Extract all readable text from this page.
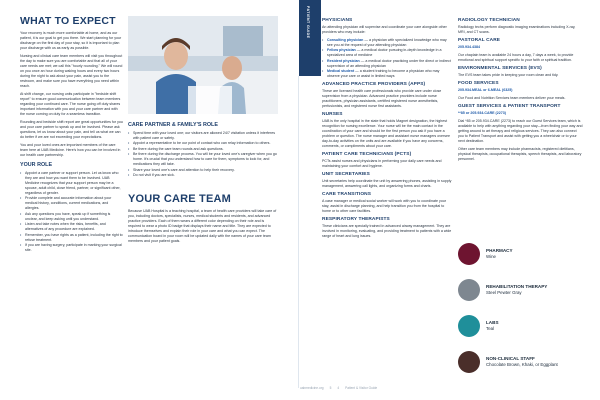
WHAT TO EXPECT

Your recovery is much more comfortable at home, and as our patient, it is our goal to get you there. We start planning for your discharge on the first day of your stay, so it is important to plan your discharge with us as early as possible.

Nursing and clinical care team members will visit you throughout the day to make sure you are comfortable and that all of your care needs are met; we call this "hourly rounding." We will round on you once an hour during waking hours and every two hours during the night to ask about your pain, assist you to the restroom, and make sure you have everything you need within reach.

At shift change, our nursing units participate in "bedside shift report" to ensure good communication between team members regarding your continued care. The nurse going off duty shares important information with you and your care partner and with the nurse coming on duty for a seamless transition.

Rounding and bedside shift report are great opportunities for you and your care partner to speak up and be involved. Please ask questions, let us know about your pain, and tell us what we can do better if we are not exceeding your expectations.

You and your loved ones are important members of the care team here at UAB Medicine. Here's how you can be involved in our health care partnership.

YOUR ROLE
• Appoint a care partner or support person. Let us know who they are and how you want them to be involved. UAB Medicine recognizes that your support person may be a spouse, adult child, close friend, partner, or significant other, regardless of gender.
• Provide complete and accurate information about your medical history, conditions, current medications, and allergies.
• Ask any questions you have, speak up if something is unclear, and keep asking until you understand.
• Listen and take notes when the risks, benefits, and alternatives of any procedure are explained.
• Remember, you have rights as a patient, including the right to refuse treatment.
• If you are having surgery, participate in marking your surgical site.
CARE PARTNER & FAMILY'S ROLE
• Spend time with your loved one; our visitors are allowed 24/7 visitation unless it interferes with patient care or safety.
• Appoint a representative to be our point of contact who can relay information to others.
• Be there during the care team rounds and ask questions.
• Be there during the discharge process. You will be your loved one's caregiver when you go home. It's crucial that you understand how to care for them, symptoms to look for, and medications they will take.
• Share your loved one's care and attention to help their recovery.
• Do not visit if you are sick.
YOUR CARE TEAM

Because UAB Hospital is a teaching hospital, a team of health care providers will take care of you, including doctors, specialists, nurses, medical students and residents, and advanced practice providers. Each of them wears a different color depending on their role and is required to wear a photo ID badge that displays their name and title. They are expected to introduce themselves and explain their role in your care and what you can expect. The communication board in your room will be updated daily with the names of your care team members and your patient goals.

PATIENT GUIDE	PHYSICIANS

An attending physician will supervise and coordinate your care alongside other providers who may include:

• Consulting physician — a physician with specialized knowledge who may see you at the request of your attending physician
• Fellow physician — a medical doctor pursuing in-depth knowledge in a specialized area of medicine
• Resident physician — a medical doctor practicing under the direct or indirect supervision of an attending physician
• Medical student — a student training to become a physician who may observe your care or assist in limited ways
ADVANCED PRACTICE PROVIDERS (APPS)

These are licensed health care professionals who provide care under close supervision from a physician. Advanced practice providers include nurse practitioners, physician assistants, certified registered nurse anesthetists, perfusionists, and registered nurse first assistants.

NURSES

UAB is the only hospital in the state that holds Magnet designation, the highest recognition for nursing excellence. Your nurse will be the main contact in the coordination of your care and should be the first person you ask if you have a problem or question. The nurse manager and assistant nurse managers oversee day-to-day activities on the units and are available if you have any concerns, comments, or compliments about your care.

PATIENT CARE TECHNICIANS (PCTS)

PCTs assist nurses and physicians in performing your daily care needs and maintaining your comfort and hygiene.

UNIT SECRETARIES

Unit secretaries help coordinate the unit by answering phones, assisting in supply management, answering call lights, and organizing forms and charts.

CARE TRANSITIONS

A case manager or medical social worker will work with you to coordinate your stay, assist in discharge planning, and help transition you from the hospital to home or to other care facilities.

RESPIRATORY THERAPISTS

These clinicians are specially trained in advanced airway management. They are involved in monitoring, evaluating, and providing treatment to patients with a wide range of heart and lung issues.

RADIOLOGY TECHNICIAN

Radiology techs perform diagnostic imaging examinations including X-ray, MRI, and CT scans.

PASTORAL CARE

205.934.4384

Our chaplain team is available 24 hours a day, 7 days a week, to provide emotional and spiritual support specific to your faith or spiritual tradition.

ENVIRONMENTAL SERVICES (EVS)

The EVS team takes pride in keeping your room clean and tidy.

FOOD SERVICES

205.934.MEAL or 6-MEAL (6325)

Our Food and Nutrition Services team members deliver your meals.

GUEST SERVICES & PATIENT TRANSPORT

**85 or 205.934.CARE (2273)

Dial *85 or 205.934.CARE (2273) to reach our Guest Services team, which is available to help with anything regarding your stay—from finding your way and getting around to art therapy and religious services. They can also connect you to Patient Transport and assist with getting you a wheelchair or to your next destination.

Other care team members may include pharmacists, registered dietitians, physical therapists, occupational therapists, speech therapists, and laboratory personnel.

PHARMACY
Wine
REHABILITATION THERAPY
Steel Pewter Gray
LABS
Teal
NON-CLINICAL STAFF
Chocolate Brown, Khaki, or Eggplant
uabmedicine.org 5 4 Patient & Visitor Guide
